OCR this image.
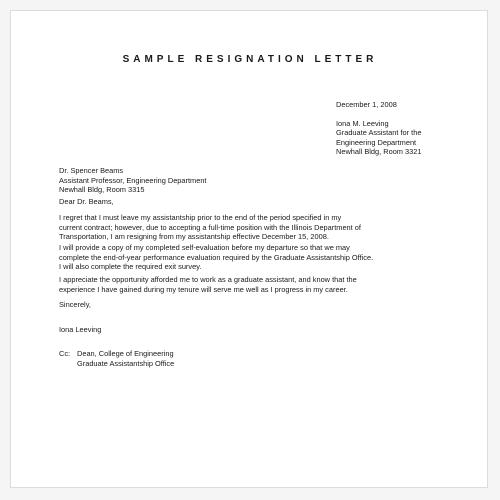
SAMPLE RESIGNATION LETTER
December 1, 2008
Iona M. Leeving
Graduate Assistant for the
Engineering Department
Newhall Bldg, Room 3321
Dr. Spencer Beams
Assistant Professor, Engineering Department
Newhall Bldg, Room 3315
Dear Dr. Beams,
I regret that I must leave my assistantship prior to the end of the period specified in my
current contract; however, due to accepting a full-time position with the Illinois Department of
Transportation, I am resigning from my assistantship effective December 15, 2008.
I will provide a copy of my completed self-evaluation before my departure so that we may
complete the end-of-year performance evaluation required by the Graduate Assistantship Office.
I will also complete the required exit survey.
I appreciate the opportunity afforded me to work as a graduate assistant, and know that the
experience I have gained during my tenure will serve me well as I progress in my career.
Sincerely,
Iona Leeving
Cc: Dean, College of Engineering
Graduate Assistantship Office
